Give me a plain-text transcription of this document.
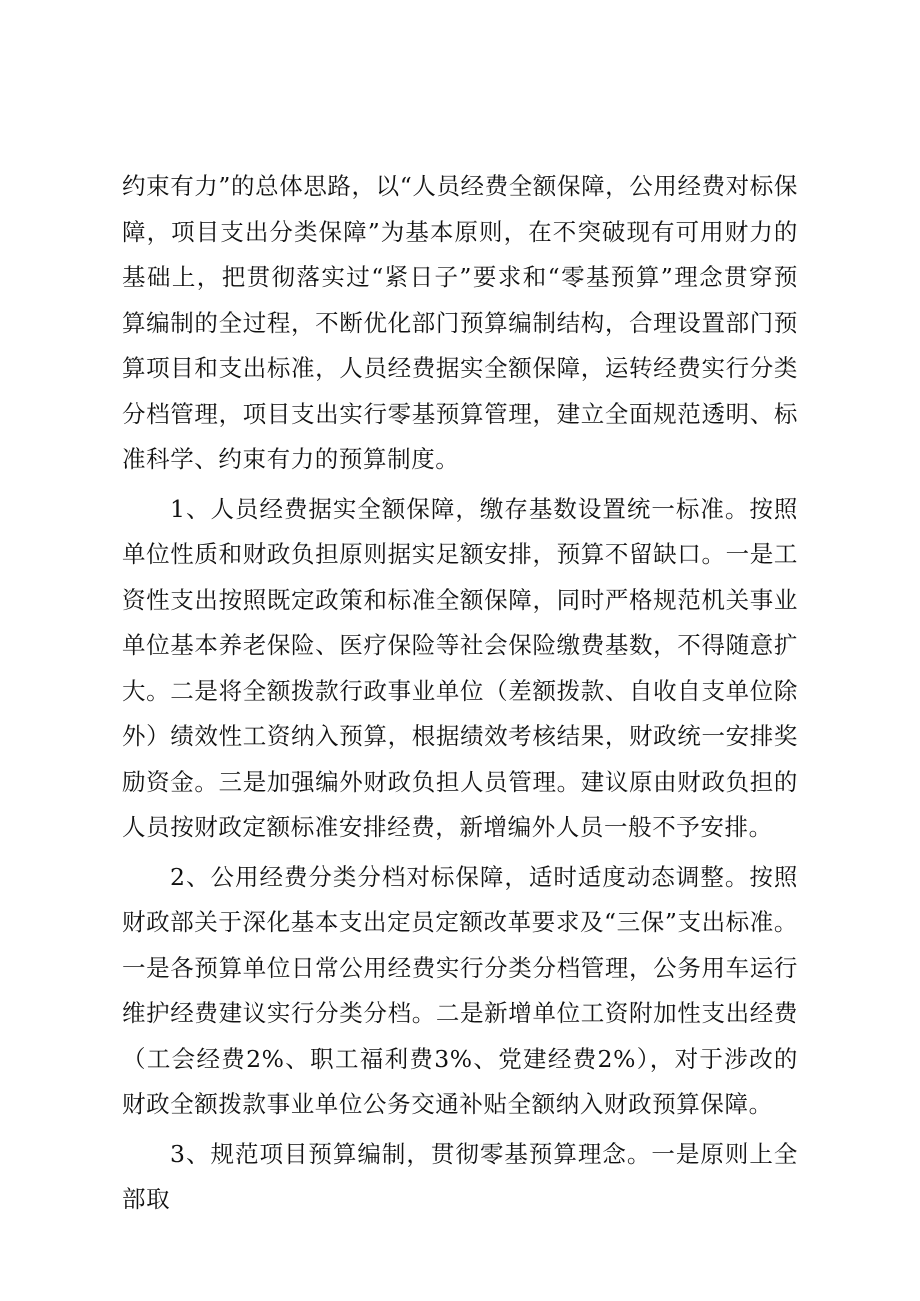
约束有力”的总体思路，以“人员经费全额保障，公用经费对标保障，项目支出分类保障”为基本原则，在不突破现有可用财力的基础上，把贯彻落实过“紧日子”要求和“零基预算”理念贯穿预算编制的全过程，不断优化部门预算编制结构，合理设置部门预算项目和支出标准，人员经费据实全额保障，运转经费实行分类分档管理，项目支出实行零基预算管理，建立全面规范透明、标准科学、约束有力的预算制度。

1、人员经费据实全额保障，缴存基数设置统一标准。按照单位性质和财政负担原则据实足额安排，预算不留缺口。一是工资性支出按照既定政策和标准全额保障，同时严格规范机关事业单位基本养老保险、医疗保险等社会保险缴费基数，不得随意扩大。二是将全额拨款行政事业单位（差额拨款、自收自支单位除外）绩效性工资纳入预算，根据绩效考核结果，财政统一安排奖励资金。三是加强编外财政负担人员管理。建议原由财政负担的人员按财政定额标准安排经费，新增编外人员一般不予安排。

2、公用经费分类分档对标保障，适时适度动态调整。按照财政部关于深化基本支出定员定额改革要求及“三保”支出标准。一是各预算单位日常公用经费实行分类分档管理，公务用车运行维护经费建议实行分类分档。二是新增单位工资附加性支出经费（工会经费2%、职工福利费3%、党建经费2%），对于涉改的财政全额拨款事业单位公务交通补贴全额纳入财政预算保障。

3、规范项目预算编制，贯彻零基预算理念。一是原则上全部取
